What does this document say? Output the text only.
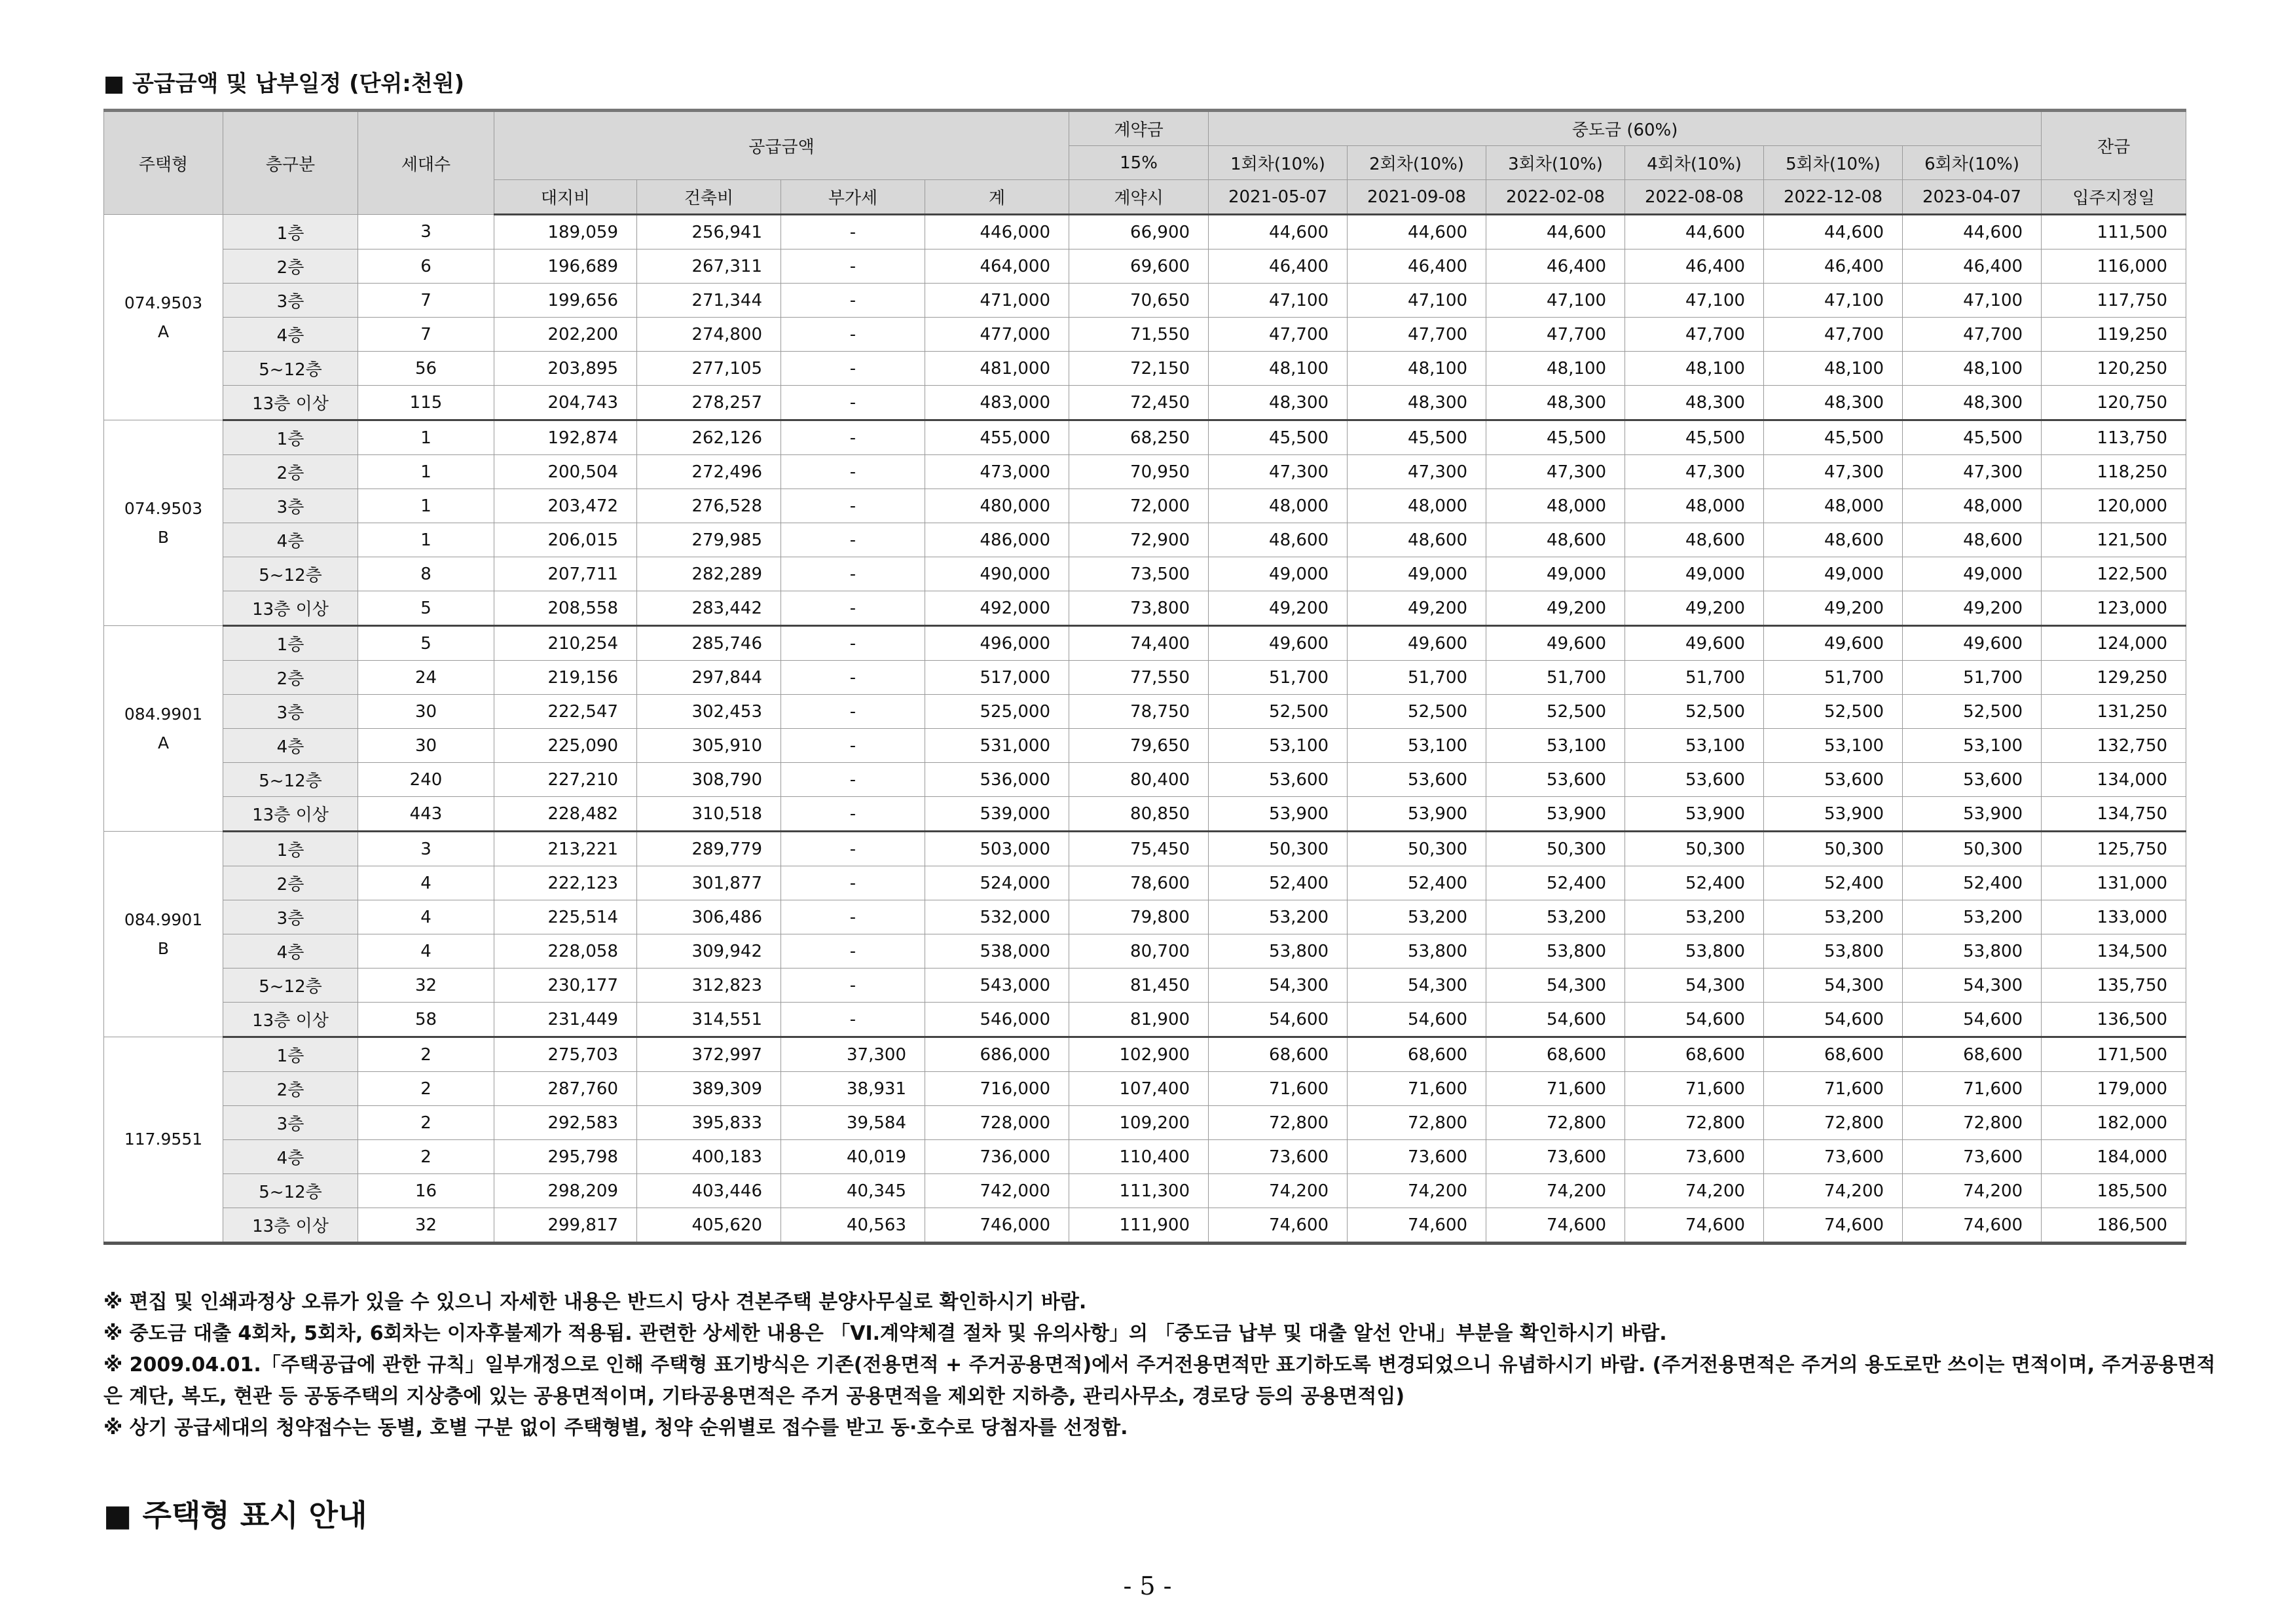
■ 공급금액 및 납부일정 (단위:천원)
주택형	층구분	세대수	공급금액				계약금	중도금 (60%)						잔금
							15%	1회차(10%)	2회차(10%)	3회차(10%)	4회차(10%)	5회차(10%)	6회차(10%)	
			대지비	건축비	부가세	계	계약시	2021-05-07	2021-09-08	2022-02-08	2022-08-08	2022-12-08	2023-04-07	입주지정일

074.9503
A	1층	3	189,059	256,941	-	446,000	66,900	44,600	44,600	44,600	44,600	44,600	44,600	111,500
	2층	6	196,689	267,311	-	464,000	69,600	46,400	46,400	46,400	46,400	46,400	46,400	116,000
	3층	7	199,656	271,344	-	471,000	70,650	47,100	47,100	47,100	47,100	47,100	47,100	117,750
	4층	7	202,200	274,800	-	477,000	71,550	47,700	47,700	47,700	47,700	47,700	47,700	119,250
	5~12층	56	203,895	277,105	-	481,000	72,150	48,100	48,100	48,100	48,100	48,100	48,100	120,250
	13층 이상	115	204,743	278,257	-	483,000	72,450	48,300	48,300	48,300	48,300	48,300	48,300	120,750

074.9503
B	1층	1	192,874	262,126	-	455,000	68,250	45,500	45,500	45,500	45,500	45,500	45,500	113,750
	2층	1	200,504	272,496	-	473,000	70,950	47,300	47,300	47,300	47,300	47,300	47,300	118,250
	3층	1	203,472	276,528	-	480,000	72,000	48,000	48,000	48,000	48,000	48,000	48,000	120,000
	4층	1	206,015	279,985	-	486,000	72,900	48,600	48,600	48,600	48,600	48,600	48,600	121,500
	5~12층	8	207,711	282,289	-	490,000	73,500	49,000	49,000	49,000	49,000	49,000	49,000	122,500
	13층 이상	5	208,558	283,442	-	492,000	73,800	49,200	49,200	49,200	49,200	49,200	49,200	123,000

084.9901
A	1층	5	210,254	285,746	-	496,000	74,400	49,600	49,600	49,600	49,600	49,600	49,600	124,000
	2층	24	219,156	297,844	-	517,000	77,550	51,700	51,700	51,700	51,700	51,700	51,700	129,250
	3층	30	222,547	302,453	-	525,000	78,750	52,500	52,500	52,500	52,500	52,500	52,500	131,250
	4층	30	225,090	305,910	-	531,000	79,650	53,100	53,100	53,100	53,100	53,100	53,100	132,750
	5~12층	240	227,210	308,790	-	536,000	80,400	53,600	53,600	53,600	53,600	53,600	53,600	134,000
	13층 이상	443	228,482	310,518	-	539,000	80,850	53,900	53,900	53,900	53,900	53,900	53,900	134,750

084.9901
B	1층	3	213,221	289,779	-	503,000	75,450	50,300	50,300	50,300	50,300	50,300	50,300	125,750
	2층	4	222,123	301,877	-	524,000	78,600	52,400	52,400	52,400	52,400	52,400	52,400	131,000
	3층	4	225,514	306,486	-	532,000	79,800	53,200	53,200	53,200	53,200	53,200	53,200	133,000
	4층	4	228,058	309,942	-	538,000	80,700	53,800	53,800	53,800	53,800	53,800	53,800	134,500
	5~12층	32	230,177	312,823	-	543,000	81,450	54,300	54,300	54,300	54,300	54,300	54,300	135,750
	13층 이상	58	231,449	314,551	-	546,000	81,900	54,600	54,600	54,600	54,600	54,600	54,600	136,500

117.9551	1층	2	275,703	372,997	37,300	686,000	102,900	68,600	68,600	68,600	68,600	68,600	68,600	171,500
	2층	2	287,760	389,309	38,931	716,000	107,400	71,600	71,600	71,600	71,600	71,600	71,600	179,000
	3층	2	292,583	395,833	39,584	728,000	109,200	72,800	72,800	72,800	72,800	72,800	72,800	182,000
	4층	2	295,798	400,183	40,019	736,000	110,400	73,600	73,600	73,600	73,600	73,600	73,600	184,000
	5~12층	16	298,209	403,446	40,345	742,000	111,300	74,200	74,200	74,200	74,200	74,200	74,200	185,500
	13층 이상	32	299,817	405,620	40,563	746,000	111,900	74,600	74,600	74,600	74,600	74,600	74,600	186,500

※ 편집 및 인쇄과정상 오류가 있을 수 있으니 자세한 내용은 반드시 당사 견본주택 분양사무실로 확인하시기 바람.

※ 중도금 대출 4회차, 5회차, 6회차는 이자후불제가 적용됨. 관련한 상세한 내용은 「VI.계약체결 절차 및 유의사항」의 「중도금 납부 및 대출 알선 안내」부분을 확인하시기 바람.

※ 2009.04.01.「주택공급에 관한 규칙」일부개정으로 인해 주택형 표기방식은 기존(전용면적 + 주거공용면적)에서 주거전용면적만 표기하도록 변경되었으니 유념하시기 바람. (주거전용면적은 주거의 용도로만 쓰이는 면적이며, 주거공용면적은 계단, 복도, 현관 등 공동주택의 지상층에 있는 공용면적이며, 기타공용면적은 주거 공용면적을 제외한 지하층, 관리사무소, 경로당 등의 공용면적임)

※ 상기 공급세대의 청약접수는 동별, 호별 구분 없이 주택형별, 청약 순위별로 접수를 받고 동·호수로 당첨자를 선정함.

■ 주택형 표시 안내
- 5 -
